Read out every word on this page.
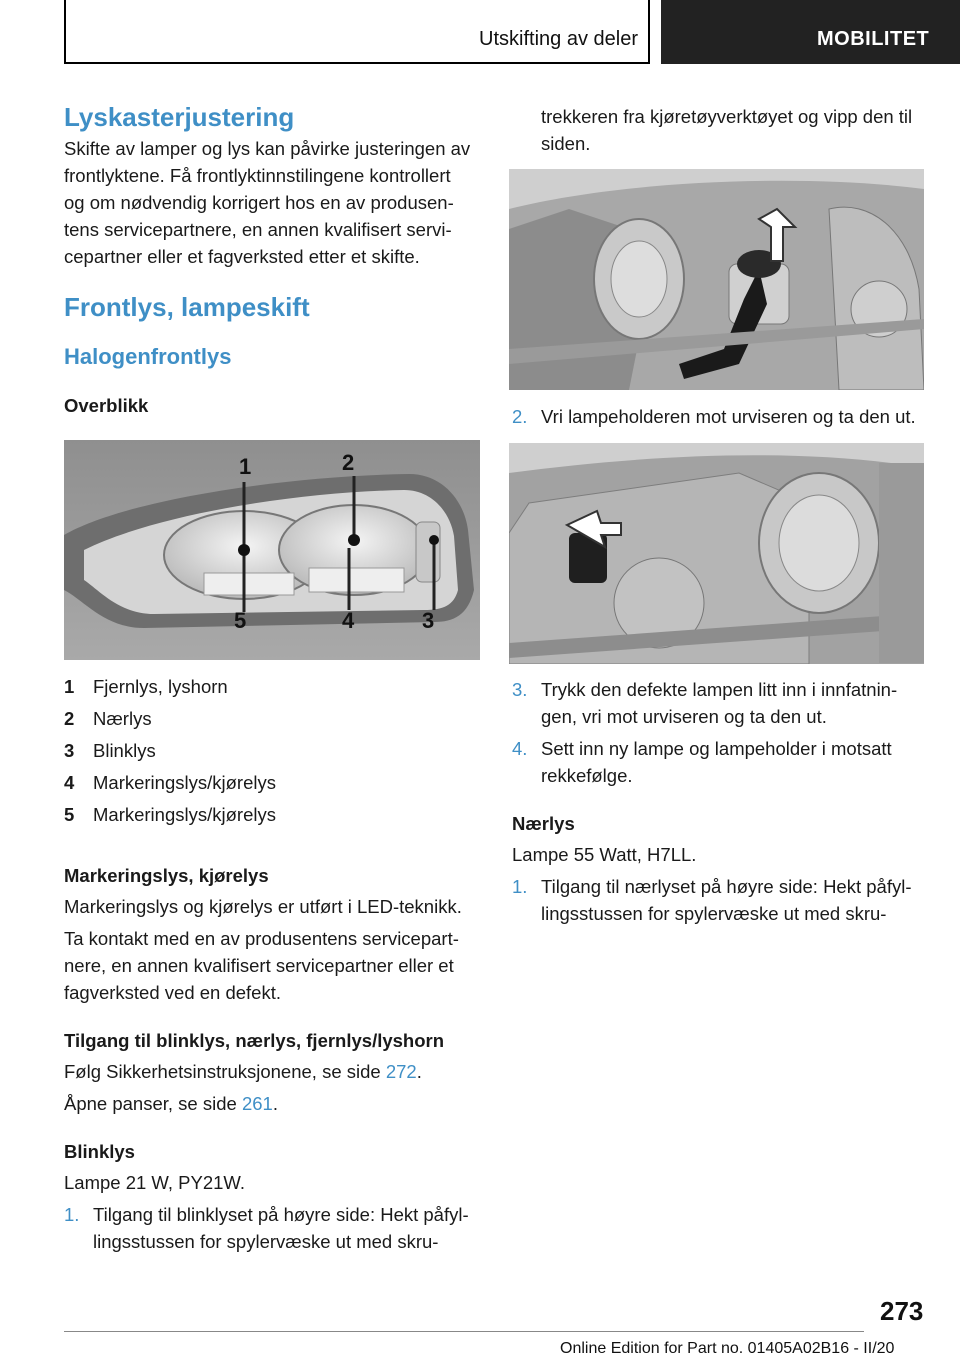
Utskifting av deler	MOBILITET
Lyskasterjustering

Skifte av lamper og lys kan påvirke justeringen av

frontlyktene. Få frontlyktinnstilingene kontrollert

og om nødvendig korrigert hos en av produsen-

tens servicepartnere, en annen kvalifisert servi-

cepartner eller et fagverksted etter et skifte.

Frontlys, lampeskift
Halogenfrontlys

Overblikk

1	2
3
4
5
1 Fjernlys, lyshorn
2 Nærlys
3 Blinklys
4 Markeringslys/kjørelys
5 Markeringslys/kjørelys

Markeringslys, kjørelys

Markeringslys og kjørelys er utført i LED-teknikk.

Ta kontakt med en av produsentens servicepart-

nere, en annen kvalifisert servicepartner eller et

fagverksted ved en defekt.

Tilgang til blinklys, nærlys, fjernlys/lyshorn

Følg Sikkerhetsinstruksjonene, se side 272.

Åpne panser, se side 261.

Blinklys

Lampe 21 W, PY21W.

1. Tilgang til blinklyset på høyre side: Hekt påfyl-

lingsstussen for spylervæske ut med skru-

trekkeren fra kjøretøyverktøyet og vipp den til

siden.

2. Vri lampeholderen mot urviseren og ta den ut.

3. Trykk den defekte lampen litt inn i innfatnin-

gen, vri mot urviseren og ta den ut.

4. Sett inn ny lampe og lampeholder i motsatt

rekkefølge.

Nærlys

Lampe 55 Watt, H7LL.

1. Tilgang til nærlyset på høyre side: Hekt påfyl-

lingsstussen for spylervæske ut med skru-

273
Online Edition for Part no. 01405A02B16 - II/20
